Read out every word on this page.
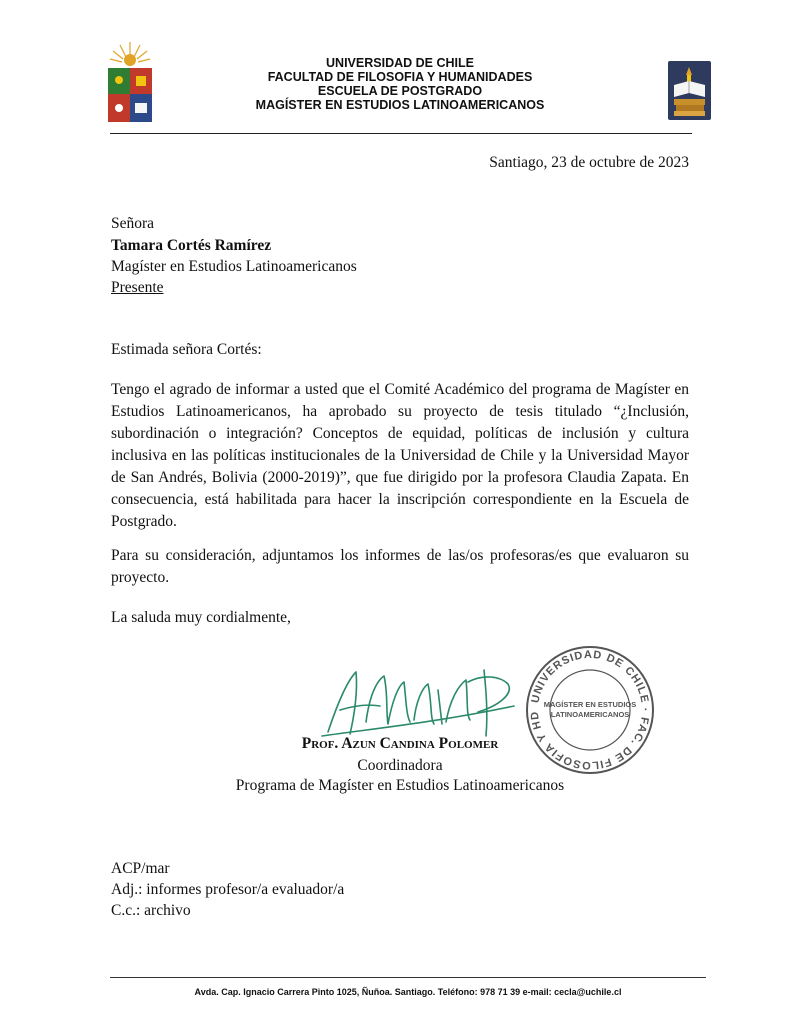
UNIVERSIDAD DE CHILE
FACULTAD DE FILOSOFIA Y HUMANIDADES
ESCUELA DE POSTGRADO
MAGÍSTER EN ESTUDIOS LATINOAMERICANOS
Santiago, 23 de octubre de 2023
Señora
Tamara Cortés Ramírez
Magíster en Estudios Latinoamericanos
Presente
Estimada señora Cortés:
Tengo el agrado de informar a usted que el Comité Académico del programa de Magíster en Estudios Latinoamericanos, ha aprobado su proyecto de tesis titulado “¿Inclusión, subordinación o integración? Conceptos de equidad, políticas de inclusión y cultura inclusiva en las políticas institucionales de la Universidad de Chile y la Universidad Mayor de San Andrés, Bolivia (2000-2019)”, que fue dirigido por la profesora Claudia Zapata. En consecuencia, está habilitada para hacer la inscripción correspondiente en la Escuela de Postgrado.
Para su consideración, adjuntamos los informes de las/os profesoras/es que evaluaron su proyecto.
La saluda muy cordialmente,
UNIVERSIDAD DE CHILE · FAC. DE FILOSOFIA Y HD
MAGÍSTER EN ESTUDIOS
LATINOAMERICANOS
Prof. Azun Candina Polomer
Coordinadora
Programa de Magíster en Estudios Latinoamericanos
ACP/mar
Adj.: informes profesor/a evaluador/a
C.c.: archivo
Avda. Cap. Ignacio Carrera Pinto 1025, Ñuñoa. Santiago. Teléfono: 978 71 39 e-mail: cecla@uchile.cl
